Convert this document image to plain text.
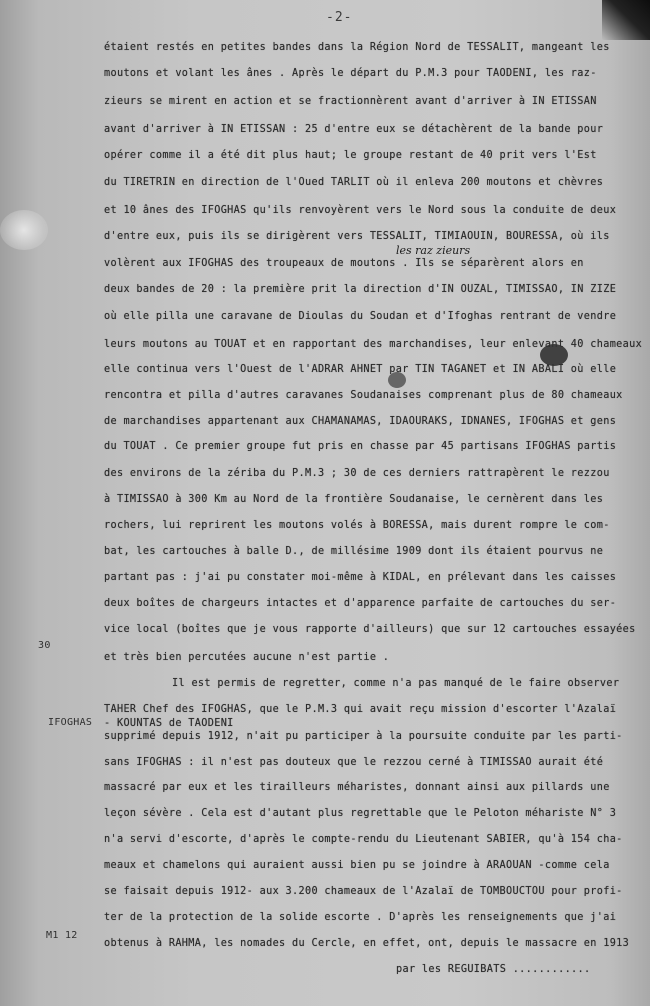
-2-
étaient restés en petites bandes dans la Région Nord de TESSALIT, mangeant les
moutons et volant les ânes . Après le départ du P.M.3 pour TAODENI, les raz-
zieurs se mirent en action et se fractionnèrent avant d'arriver à IN ETISSAN
avant d'arriver à IN ETISSAN : 25 d'entre eux se détachèrent de la bande pour
opérer comme il a été dit plus haut; le groupe restant de 40 prit vers l'Est
du TIRETRIN en direction de l'Oued TARLIT où il enleva 200 moutons et chèvres
et 10 ânes des IFOGHAS qu'ils renvoyèrent vers le Nord sous la conduite de deux
d'entre eux, puis ils se dirigèrent vers TESSALIT, TIMIAOUIN, BOURESSA, où ils
les raz zieurs
volèrent aux IFOGHAS des troupeaux de moutons . Ils se séparèrent alors en
deux bandes de 20 : la première prit la direction d'IN OUZAL, TIMISSAO, IN ZIZE
où elle pilla une caravane de Dioulas du Soudan et d'Ifoghas rentrant de vendre
leurs moutons au TOUAT et en rapportant des marchandises, leur enlevant 40 chameaux
elle continua vers l'Ouest de l'ADRAR AHNET par TIN TAGANET et IN ABALI où elle
rencontra et pilla d'autres caravanes Soudanaises comprenant plus de 80 chameaux
de marchandises appartenant aux CHAMANAMAS, IDAOURAKS, IDNANES, IFOGHAS et gens
du TOUAT . Ce premier groupe fut pris en chasse par 45 partisans IFOGHAS partis
des environs de la zériba du P.M.3 ; 30 de ces derniers rattrapèrent le rezzou
à TIMISSAO à 300 Km au Nord de la frontière Soudanaise, le cernèrent dans les
rochers, lui reprirent les moutons volés à BORESSA, mais durent rompre le com-
bat, les cartouches à balle D., de millésime 1909 dont ils étaient pourvus ne
partant pas : j'ai pu constater moi-même à KIDAL, en prélevant dans les caisses
deux boîtes de chargeurs intactes et d'apparence parfaite de cartouches du ser-
vice local (boîtes que je vous rapporte d'ailleurs) que sur 12 cartouches essayées
30
et très bien percutées aucune n'est partie .
Il est permis de regretter, comme n'a pas manqué de le faire observer
TAHER Chef des IFOGHAS, que le P.M.3 qui avait reçu mission d'escorter l'Azalaï
IFOGHAS - KOUNTAS de TAODENI
supprimé depuis 1912, n'ait pu participer à la poursuite conduite par les parti-
sans IFOGHAS : il n'est pas douteux que le rezzou cerné à TIMISSAO aurait été
massacré par eux et les tirailleurs méharistes, donnant ainsi aux pillards une
leçon sévère . Cela est d'autant plus regrettable que le Peloton méhariste N° 3
n'a servi d'escorte, d'après le compte-rendu du Lieutenant SABIER, qu'à 154 cha-
meaux et chamelons qui auraient aussi bien pu se joindre à ARAOUAN -comme cela
se faisait depuis 1912- aux 3.200 chameaux de l'Azalaï de TOMBOUCTOU pour profi-
ter de la protection de la solide escorte . D'après les renseignements que j'ai
M1 12
obtenus à RAHMA, les nomades du Cercle, en effet, ont, depuis le massacre en 1913
par les REGUIBATS ............
